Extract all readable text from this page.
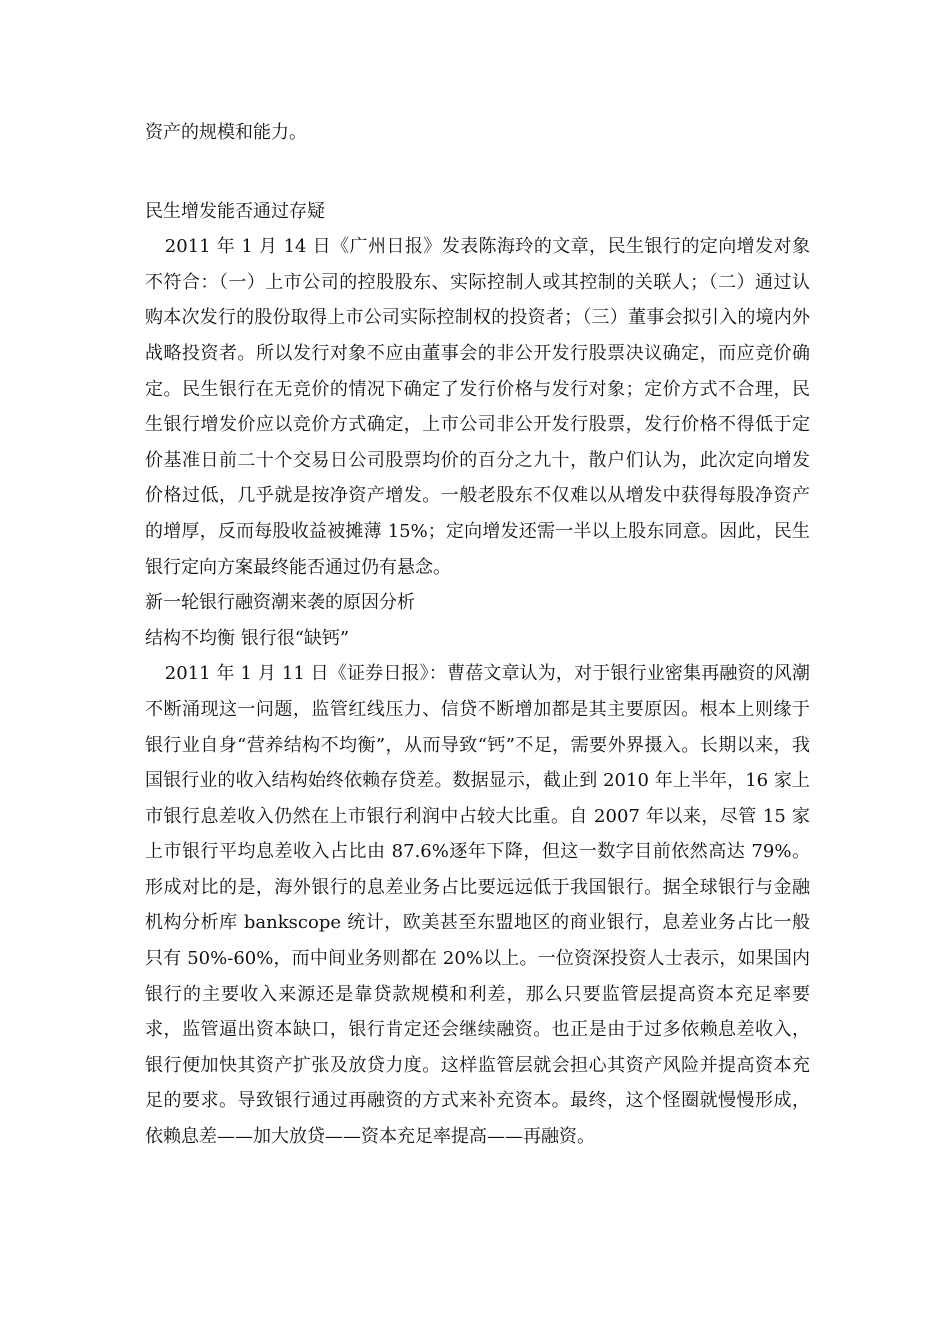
资产的规模和能力。

民生增发能否通过存疑

2011 年 1 月 14 日《广州日报》发表陈海玲的文章，民生银行的定向增发对象不符合：（一）上市公司的控股股东、实际控制人或其控制的关联人；（二）通过认购本次发行的股份取得上市公司实际控制权的投资者；（三）董事会拟引入的境内外战略投资者。所以发行对象不应由董事会的非公开发行股票决议确定，而应竞价确定。民生银行在无竞价的情况下确定了发行价格与发行对象；定价方式不合理，民生银行增发价应以竞价方式确定，上市公司非公开发行股票，发行价格不得低于定价基准日前二十个交易日公司股票均价的百分之九十，散户们认为，此次定向增发价格过低，几乎就是按净资产增发。一般老股东不仅难以从增发中获得每股净资产的增厚，反而每股收益被摊薄 15%；定向增发还需一半以上股东同意。因此，民生银行定向方案最终能否通过仍有悬念。

新一轮银行融资潮来袭的原因分析

结构不均衡 银行很“缺钙”

2011 年 1 月 11 日《证券日报》：曹蓓文章认为，对于银行业密集再融资的风潮不断涌现这一问题，监管红线压力、信贷不断增加都是其主要原因。根本上则缘于银行业自身“营养结构不均衡”，从而导致“钙”不足，需要外界摄入。长期以来，我国银行业的收入结构始终依赖存贷差。数据显示，截止到 2010 年上半年，16 家上市银行息差收入仍然在上市银行利润中占较大比重。自 2007 年以来，尽管 15 家上市银行平均息差收入占比由 87.6%逐年下降，但这一数字目前依然高达 79%。形成对比的是，海外银行的息差业务占比要远远低于我国银行。据全球银行与金融机构分析库 bankscope 统计，欧美甚至东盟地区的商业银行，息差业务占比一般只有 50%-60%，而中间业务则都在 20%以上。一位资深投资人士表示，如果国内银行的主要收入来源还是靠贷款规模和利差，那么只要监管层提高资本充足率要求，监管逼出资本缺口，银行肯定还会继续融资。也正是由于过多依赖息差收入，银行便加快其资产扩张及放贷力度。这样监管层就会担心其资产风险并提高资本充足的要求。导致银行通过再融资的方式来补充资本。最终，这个怪圈就慢慢形成，依赖息差——加大放贷——资本充足率提高——再融资。
